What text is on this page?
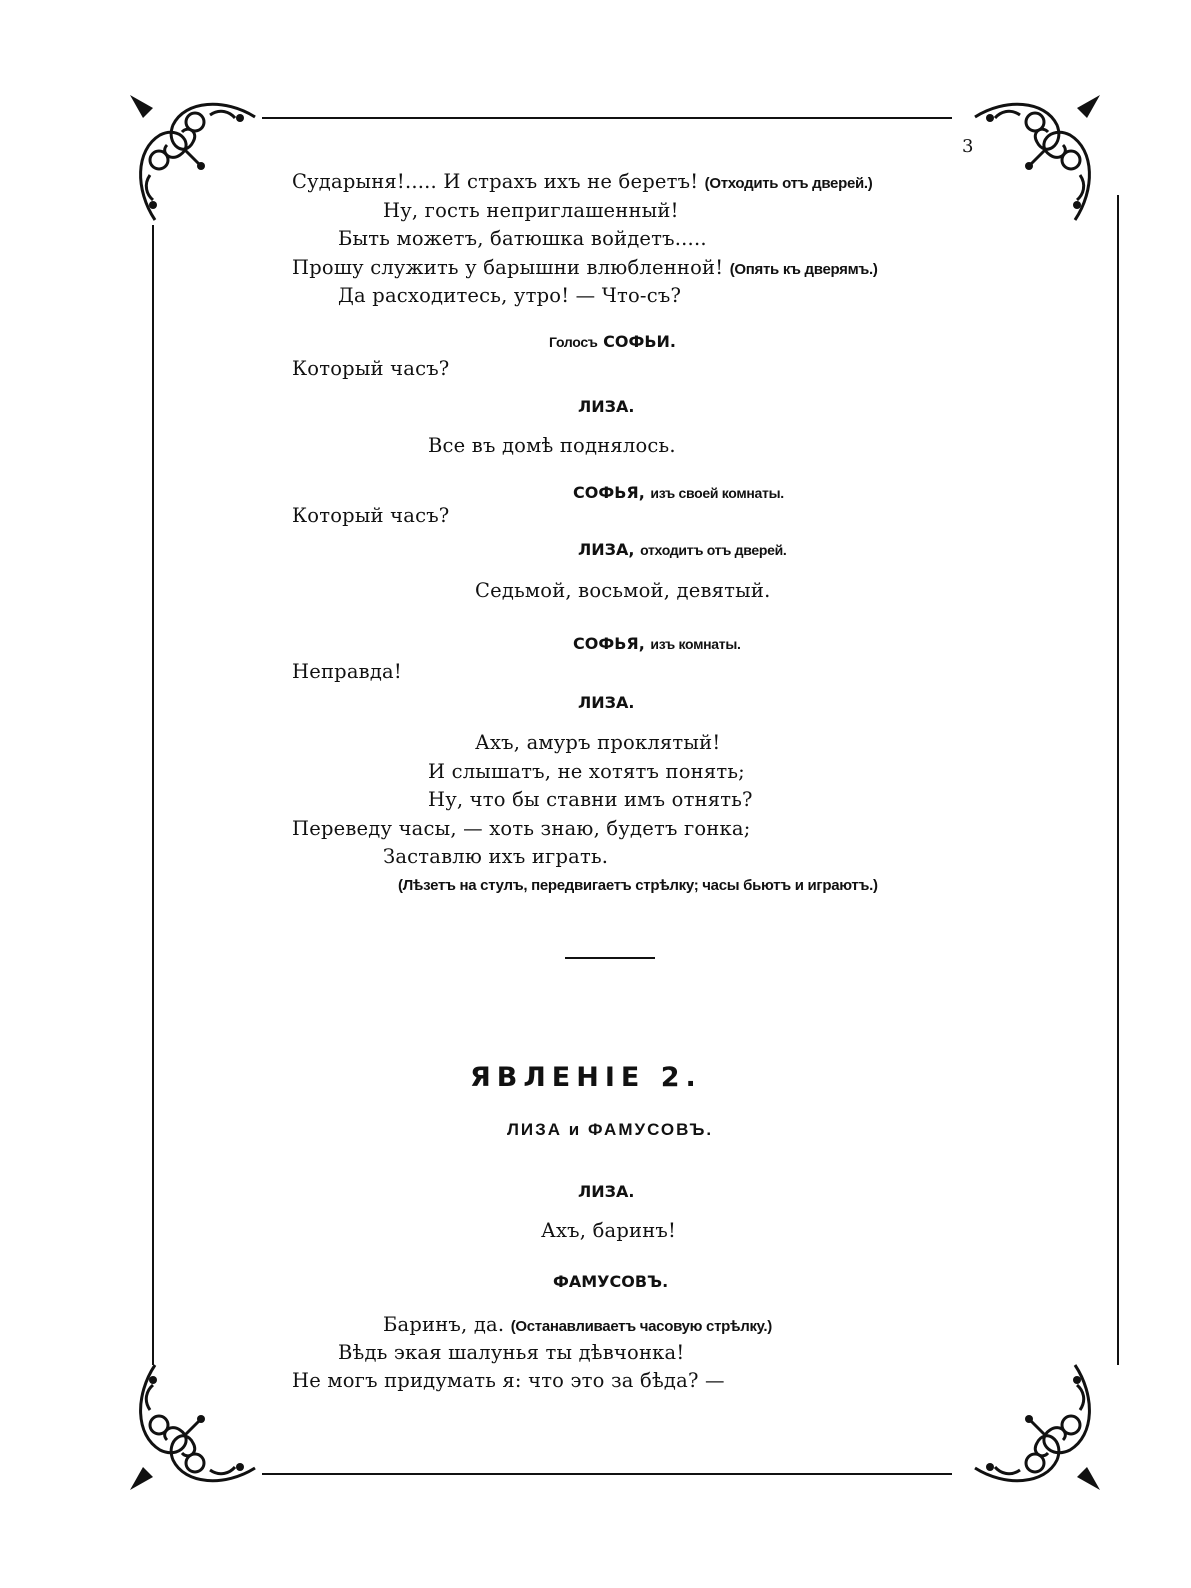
3
Сударыня!..... И страхъ ихъ не беретъ! (Отходить отъ дверей.)
Ну, гость неприглашенный!
Быть можетъ, батюшка войдетъ.....
Прошу служить у барышни влюбленной! (Опять къ дверямъ.)
Да расходитесь, утро! — Что-съ?
Голосъ СОФЬИ.
Который часъ?
ЛИЗА.
Все въ домѣ поднялось.
СОФЬЯ, изъ своей комнаты.
Который часъ?
ЛИЗА, отходитъ отъ дверей.
Седьмой, восьмой, девятый.
СОФЬЯ, изъ комнаты.
Неправда!
ЛИЗА.
Ахъ, амуръ проклятый!
И слышатъ, не хотятъ понять;
Ну, что бы ставни имъ отнять?
Переведу часы, — хоть знаю, будетъ гонка;
Заставлю ихъ играть.
(Лѣзетъ на стулъ, передвигаетъ стрѣлку; часы бьютъ и играютъ.)
ЯВЛЕНІЕ 2.
ЛИЗА и ФАМУСОВЪ.
ЛИЗА.
Ахъ, баринъ!
ФАМУСОВЪ.
Баринъ, да. (Останавливаетъ часовую стрѣлку.)
Вѣдь экая шалунья ты дѣвчонка!
Не могъ придумать я: что это за бѣда? —
